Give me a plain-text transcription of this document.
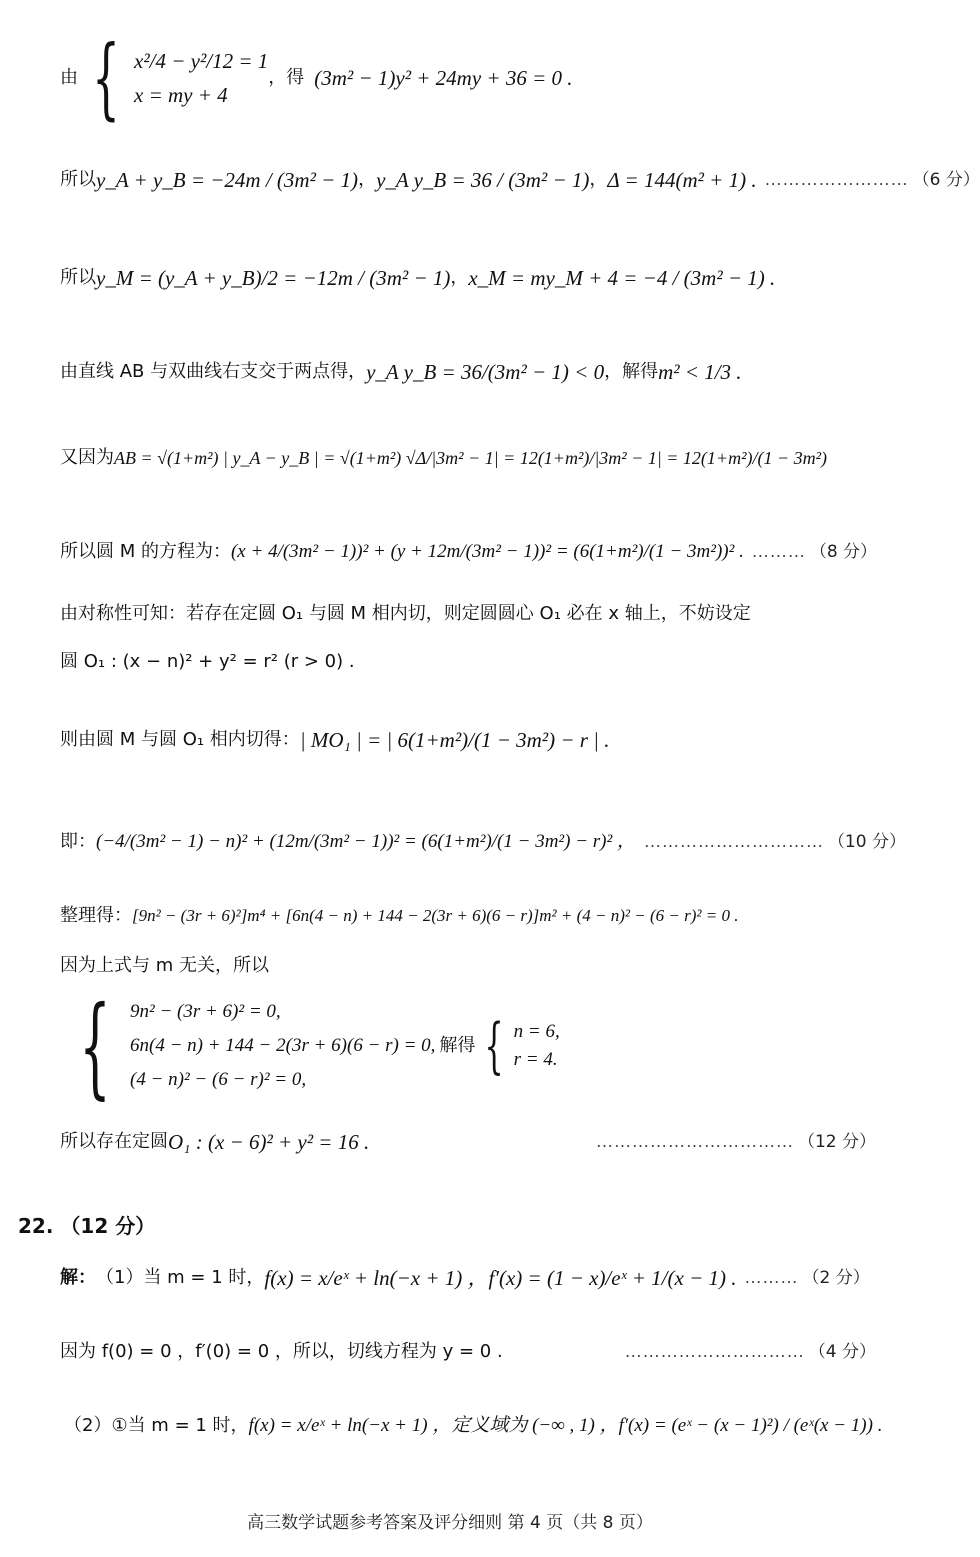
由 { x²/4 − y²/12 = 1
x = my + 4
，得 (3m² − 1)y² + 24my + 36 = 0 .
所以 y_A + y_B = −24m / (3m² − 1) ， y_A y_B = 36 / (3m² − 1) ， Δ = 144(m² + 1) . …………………… （6 分）
所以 y_M = (y_A + y_B)/2 = −12m / (3m² − 1) ， x_M = my_M + 4 = −4 / (3m² − 1) .
由直线 AB 与双曲线右支交于两点得， y_A y_B = 36/(3m² − 1) < 0 ，解得 m² < 1/3 .
又因为 AB = √(1+m²) | y_A − y_B | = √(1+m²) √Δ/|3m² − 1| = 12(1+m²)/|3m² − 1| = 12(1+m²)/(1 − 3m²)
所以圆 M 的方程为： (x + 4/(3m² − 1))² + (y + 12m/(3m² − 1))² = (6(1+m²)/(1 − 3m²))² . ……… （8 分）
由对称性可知：若存在定圆 O₁ 与圆 M 相内切，则定圆圆心 O₁ 必在 x 轴上，不妨设定
圆 O₁ : (x − n)² + y² = r² (r > 0) .
则由圆 M 与圆 O₁ 相内切得： | MO₁ | = | 6(1+m²)/(1 − 3m²) − r | .
即： (−4/(3m² − 1) − n)² + (12m/(3m² − 1))² = (6(1+m²)/(1 − 3m²) − r)² ， ………………………… （10 分）
整理得： [9n² − (3r + 6)²]m⁴ + [6n(4 − n) + 144 − 2(3r + 6)(6 − r)]m² + (4 − n)² − (6 − r)² = 0 .
因为上式与 m 无关，所以
{ 9n² − (3r + 6)² = 0,
6n(4 − n) + 144 − 2(3r + 6)(6 − r) = 0,
(4 − n)² − (6 − r)² = 0,
解得 { n = 6,
r = 4.
所以存在定圆 O₁ : (x − 6)² + y² = 16 .	…………………………… （12 分）
22. （12 分）
解： （1）当 m = 1 时， f(x) = x/eˣ + ln(−x + 1) ， f′(x) = (1 − x)/eˣ + 1/(x − 1) . ……… （2 分）
因为 f(0) = 0 ，f′(0) = 0 ，所以，切线方程为 y = 0 .	………………………… （4 分）
（2）①当 m = 1 时， f(x) = x/eˣ + ln(−x + 1) ，定义域为 (−∞ , 1) ， f′(x) = (eˣ − (x − 1)²) / (eˣ(x − 1)) .
高三数学试题参考答案及评分细则 第 4 页（共 8 页）
